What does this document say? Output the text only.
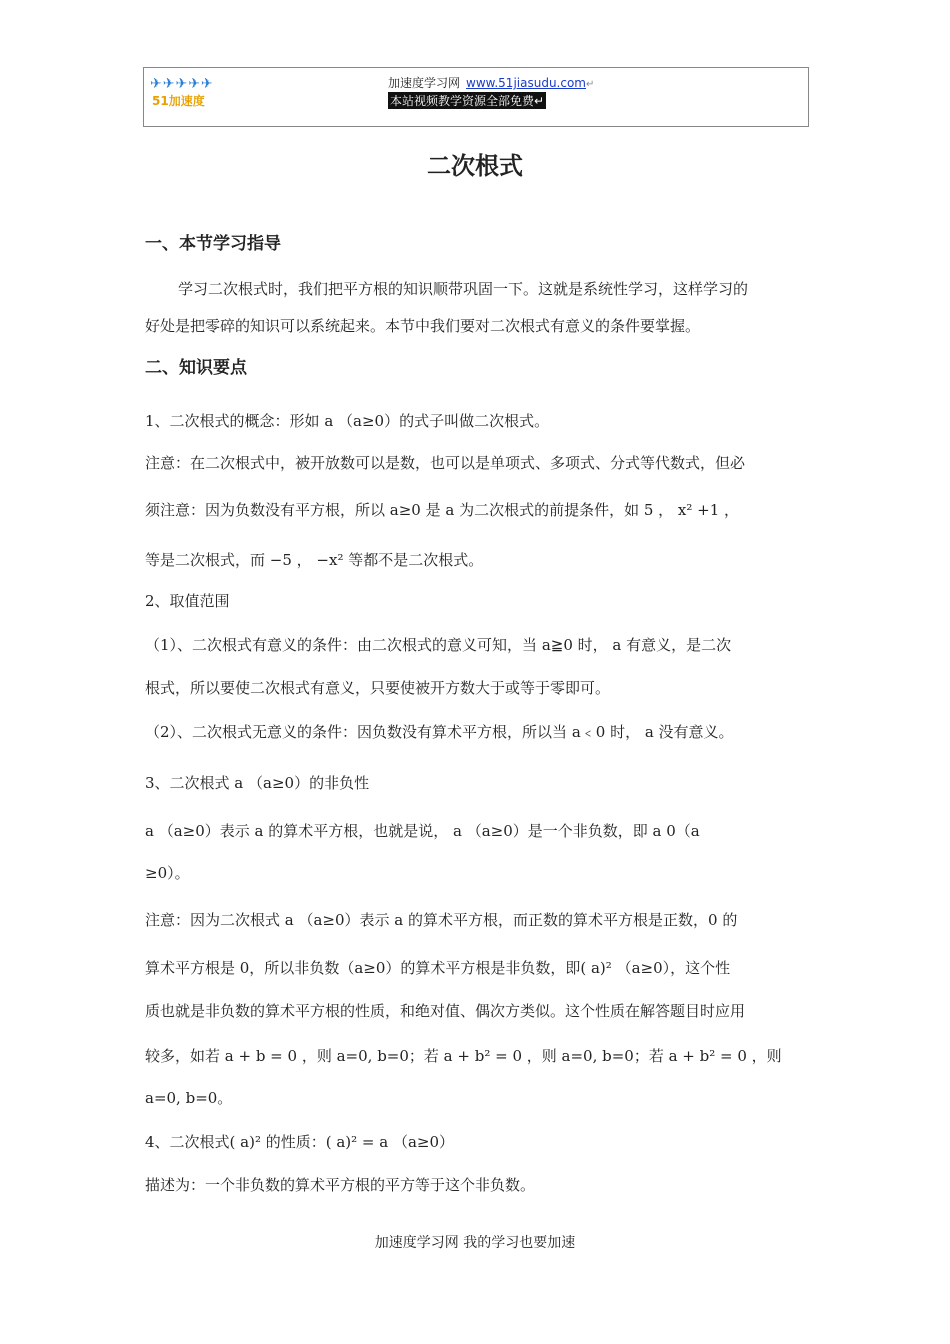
✈✈✈✈✈
51加速度
加速度学习网 www.51jiasudu.com↵
本站视频教学资源全部免费↵
二次根式
一、本节学习指导
学习二次根式时，我们把平方根的知识顺带巩固一下。这就是系统性学习，这样学习的
好处是把零碎的知识可以系统起来。本节中我们要对二次根式有意义的条件要掌握。
二、知识要点
1、二次根式的概念：形如 a （a≥0）的式子叫做二次根式。
注意：在二次根式中，被开放数可以是数，也可以是单项式、多项式、分式等代数式，但必
须注意：因为负数没有平方根，所以 a≥0 是 a 为二次根式的前提条件，如 5 ， x² +1 ，
等是二次根式，而 −5 ， −x² 等都不是二次根式。
2、取值范围
（1）、二次根式有意义的条件：由二次根式的意义可知，当 a≧0 时， a 有意义，是二次
根式，所以要使二次根式有意义，只要使被开方数大于或等于零即可。
（2）、二次根式无意义的条件：因负数没有算术平方根，所以当 a﹤0 时， a 没有意义。
3、二次根式 a （a≥0）的非负性
a （a≥0）表示 a 的算术平方根，也就是说， a （a≥0）是一个非负数，即 a 0（a
≥0）。
注意：因为二次根式 a （a≥0）表示 a 的算术平方根，而正数的算术平方根是正数，0 的
算术平方根是 0，所以非负数（a≥0）的算术平方根是非负数，即( a)² （a≥0），这个性
质也就是非负数的算术平方根的性质，和绝对值、偶次方类似。这个性质在解答题目时应用
较多，如若 a + b = 0 ，则 a=0, b=0；若 a + b² = 0 ，则 a=0, b=0；若 a + b² = 0 ，则
a=0, b=0。
4、二次根式( a)² 的性质：( a)² = a （a≥0）
描述为：一个非负数的算术平方根的平方等于这个非负数。
加速度学习网 我的学习也要加速
